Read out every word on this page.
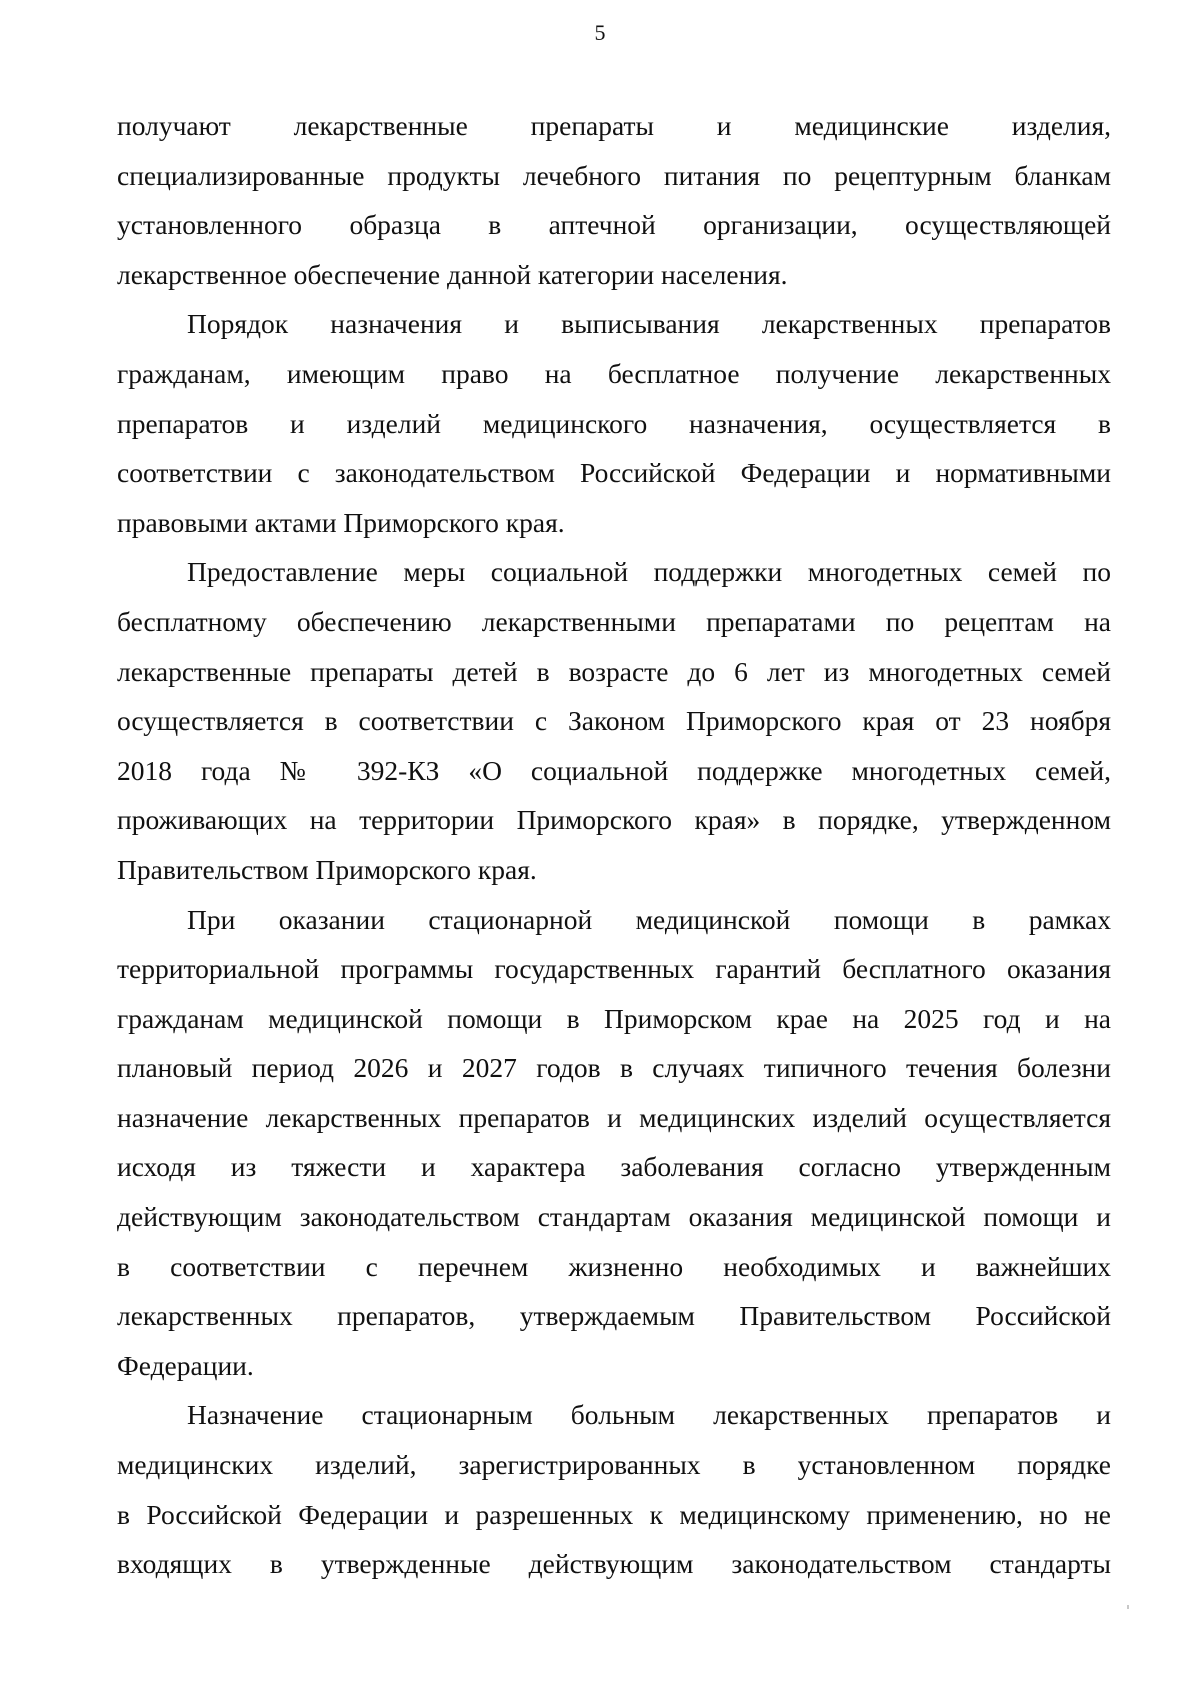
5
получают лекарственные препараты и медицинские изделия,
специализированные продукты лечебного питания по рецептурным бланкам
установленного образца в аптечной организации, осуществляющей
лекарственное обеспечение данной категории населения.
Порядок назначения и выписывания лекарственных препаратов
гражданам, имеющим право на бесплатное получение лекарственных
препаратов и изделий медицинского назначения, осуществляется в
соответствии с законодательством Российской Федерации и нормативными
правовыми актами Приморского края.
Предоставление меры социальной поддержки многодетных семей по
бесплатному обеспечению лекарственными препаратами по рецептам на
лекарственные препараты детей в возрасте до 6 лет из многодетных семей
осуществляется в соответствии с Законом Приморского края от 23 ноября
2018 года № 392-КЗ «О социальной поддержке многодетных семей,
проживающих на территории Приморского края» в порядке, утвержденном
Правительством Приморского края.
При оказании стационарной медицинской помощи в рамках
территориальной программы государственных гарантий бесплатного оказания
гражданам медицинской помощи в Приморском крае на 2025 год и на
плановый период 2026 и 2027 годов в случаях типичного течения болезни
назначение лекарственных препаратов и медицинских изделий осуществляется
исходя из тяжести и характера заболевания согласно утвержденным
действующим законодательством стандартам оказания медицинской помощи и
в соответствии с перечнем жизненно необходимых и важнейших
лекарственных препаратов, утверждаемым Правительством Российской
Федерации.
Назначение стационарным больным лекарственных препаратов и
медицинских изделий, зарегистрированных в установленном порядке
в Российской Федерации и разрешенных к медицинскому применению, но не
входящих в утвержденные действующим законодательством стандарты
